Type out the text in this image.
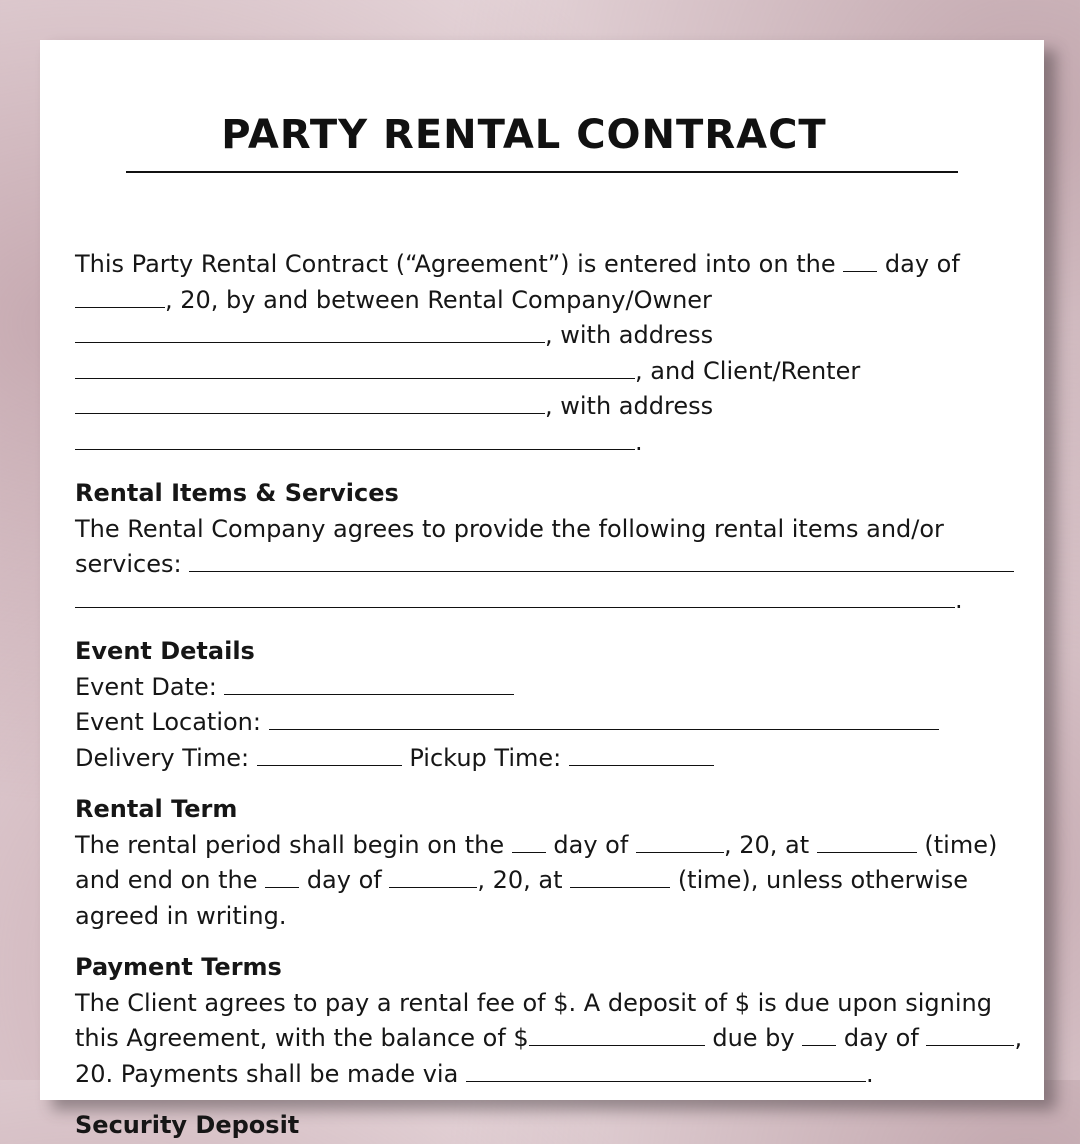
PARTY RENTAL CONTRACT

This Party Rental Contract (“Agreement”) is entered into on the day of
, 20, by and between Rental Company/Owner
, with address
, and Client/Renter
, with address
.

Rental Items & Services
The Rental Company agrees to provide the following rental items and/or
services:
.
Event Details
Event Date:
Event Location:
Delivery Time:	Pickup Time:
Rental Term
The rental period shall begin on the day of	, 20, at	(time)
and end on the day of	, 20, at	(time), unless otherwise
agreed in writing.
Payment Terms
The Client agrees to pay a rental fee of $. A deposit of $ is due upon signing
this Agreement, with the balance of $	due by day of	,
20. Payments shall be made via	.
Security Deposit
